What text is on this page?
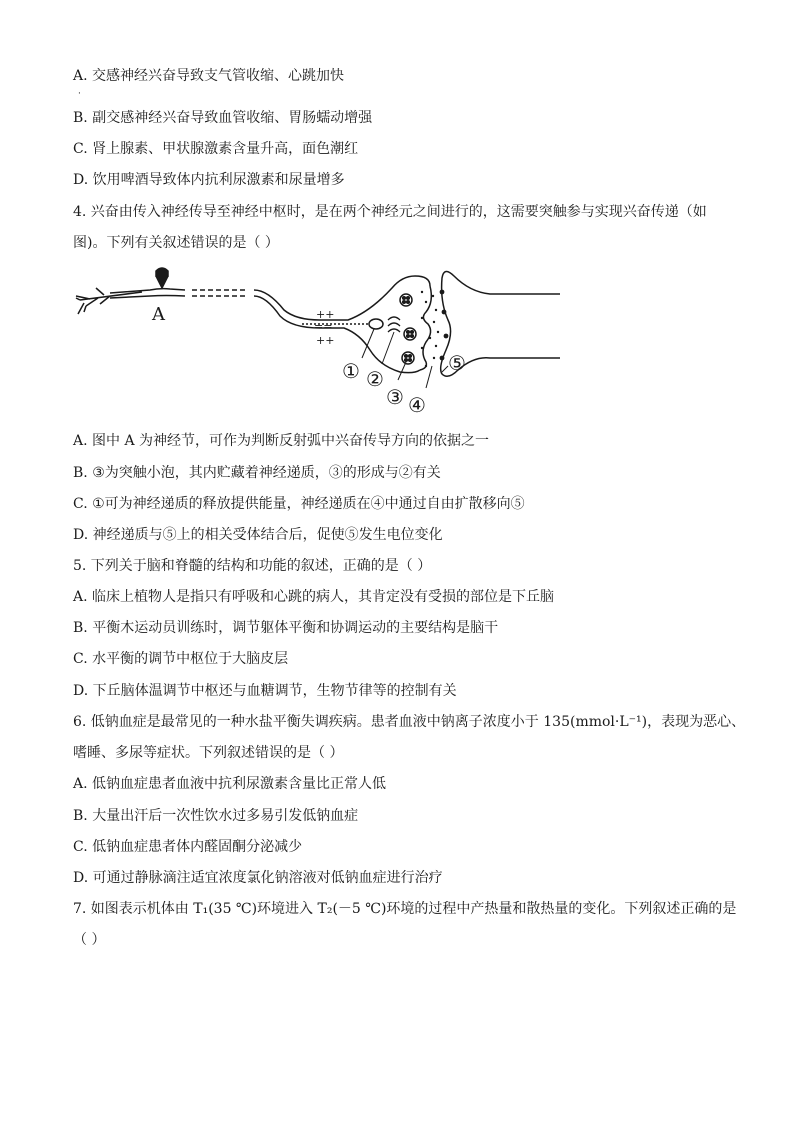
A. 交感神经兴奋导致支气管收缩、心跳加快
·
B. 副交感神经兴奋导致血管收缩、胃肠蠕动增强
C. 肾上腺素、甲状腺激素含量升高，面色潮红
D. 饮用啤酒导致体内抗利尿激素和尿量增多
4. 兴奋由传入神经传导至神经中枢时，是在两个神经元之间进行的，这需要突触参与实现兴奋传递（如
图)。下列有关叙述错误的是（ ）
A	++
==
++
① ②
③ ④
⑤
A. 图中 A 为神经节，可作为判断反射弧中兴奋传导方向的依据之一
B. ③为突触小泡，其内贮藏着神经递质，③的形成与②有关
C. ①可为神经递质的释放提供能量，神经递质在④中通过自由扩散移向⑤
D. 神经递质与⑤上的相关受体结合后，促使⑤发生电位变化
5. 下列关于脑和脊髓的结构和功能的叙述，正确的是（ ）
A. 临床上植物人是指只有呼吸和心跳的病人，其肯定没有受损的部位是下丘脑
B. 平衡木运动员训练时，调节躯体平衡和协调运动的主要结构是脑干
C. 水平衡的调节中枢位于大脑皮层
D. 下丘脑体温调节中枢还与血糖调节，生物节律等的控制有关
6. 低钠血症是最常见的一种水盐平衡失调疾病。患者血液中钠离子浓度小于 135(mmol·L⁻¹)，表现为恶心、
嗜睡、多尿等症状。下列叙述错误的是（ ）
A. 低钠血症患者血液中抗利尿激素含量比正常人低
B. 大量出汗后一次性饮水过多易引发低钠血症
C. 低钠血症患者体内醛固酮分泌减少
D. 可通过静脉滴注适宜浓度氯化钠溶液对低钠血症进行治疗
7. 如图表示机体由 T₁(35 ℃)环境进入 T₂(－5 ℃)环境的过程中产热量和散热量的变化。下列叙述正确的是
（ ）
